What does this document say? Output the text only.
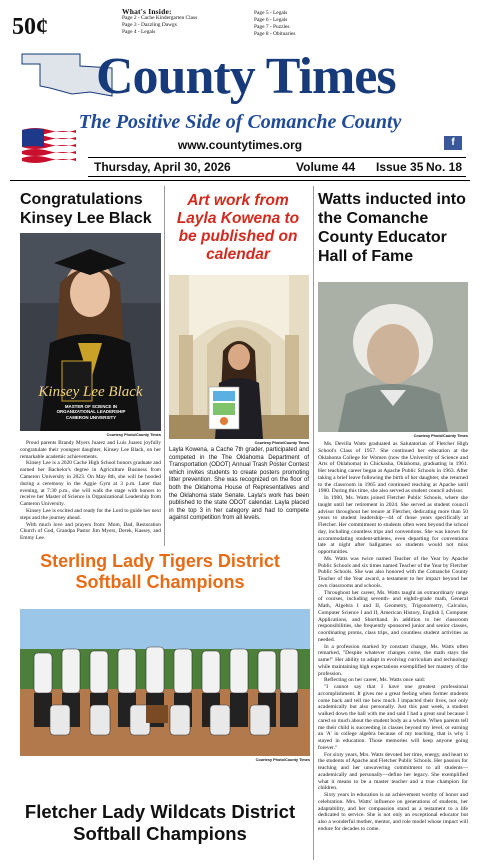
50¢
What's Inside:
Page 2 - Cache Kindergarten Class
Page 3 - Dazzling Dawgs
Page 4 - Legals
Page 5 - Legals
Page 6 - Legals
Page 7 - Puzzles
Page 8 - Obituaries
County Times
The Positive Side of Comanche County
www.countytimes.org	f
Thursday, April 30, 2026	Volume 44 Issue 35 No. 18
Congratulations Kinsey Lee Black
Kinsey Lee Black
MASTER OF SCIENCE IN ORGANIZATIONAL LEADERSHIP CAMERON UNIVERSITY
Courtesy Photo/County Times

Proud parents Brandy Myers Juarez and Luis Juarez joyfully congratulate their youngest daughter, Kinsey Lee Black, on her remarkable academic achievements.

Kinsey Lee is a 2020 Cache High School honors graduate and earned her Bachelor's degree in Agriculture Business from Cameron University in 2023. On May 8th, she will be hooded during a ceremony in the Aggie Gym at 3 p.m. Later that evening, at 7:30 p.m., she will walk the stage with honors to receive her Master of Science in Organizational Leadership from Cameron University.

Kinsey Lee is excited and ready for the Lord to guide her next steps and the journey ahead.

With much love and prayers from: Mom, Dad, Restoration Church of God, Grandpa Pastor Jim Myers, Derek, Kassey, and Emmy Lee.

Art work from Layla Kowena to be published on calendar
Courtesy Photo/County Times
Layla Kowena, a Cache 7th grader, participated and competed in the The Oklahoma Department of Transportation (ODOT) Annual Trash Poster Contest which invites students to create posters promoting litter prevention. She was recognized on the floor of both the Oklahoma House of Representatives and the Oklahoma state Senate. Layla's work has been published to the state ODOT calendar. Layla placed in the top 3 in her category and had to compete against competition from all levels.
Sterling Lady Tigers District Softball Champions
Courtesy Photo/County Times
Fletcher Lady Wildcats District Softball Champions
Watts inducted into the Comanche County Educator Hall of Fame
Courtesy Photo/County Times

Ms. Devilla Watts graduated as Salutatorian of Fletcher High School's Class of 1957. She continued her education at the Oklahoma College for Women (now the University of Science and Arts of Oklahoma) in Chickasha, Oklahoma, graduating in 1961. Her teaching career began at Apache Public Schools in 1963. After taking a brief leave following the birth of her daughter, she returned to the classroom in 1965 and continued teaching at Apache until 1980. During this time, she also served as student council advisor.

In 1980, Ms. Watts joined Fletcher Public Schools, where she taught until her retirement in 2024. She served as student council advisor throughout her tenure at Fletcher, dedicating more than 50 years to student leadership—44 of those years specifically at Fletcher. Her commitment to students often went beyond the school day, including countless trips and conventions. She was known for accommodating student-athletes, even departing for conventions late at night after ballgames so students would not miss opportunities.

Ms. Watts was twice named Teacher of the Year by Apache Public Schools and six times named Teacher of the Year by Fletcher Public Schools. She was also honored with the Comanche County Teacher of the Year award, a testament to her impact beyond her own classrooms and schools.

Throughout her career, Ms. Watts taught an extraordinary range of courses, including seventh- and eighth-grade math, General Math, Algebra I and II, Geometry, Trigonometry, Calculus, Computer Science I and II, American History, English I, Computer Applications, and Shorthand. In addition to her classroom responsibilities, she frequently sponsored junior and senior classes, coordinating proms, class trips, and countless student activities as needed.

In a profession marked by constant change, Ms. Watts often remarked, "Despite whatever changes come, the math stays the same!" Her ability to adapt in evolving curriculum and technology while maintaining high expectations exemplified her mastery of the profession.

Reflecting on her career, Ms. Watts once said:

"I cannot say that I have one greatest professional accomplishment. It gives me a great feeling when former students come back and tell me how much I impacted their lives, not only academically but also personally. Just this past week, a student walked down the hall with me and said I had a great soul because I cared so much about the student body as a whole. When parents tell me their child is succeeding in classes beyond my level, or earning an 'A' in college algebra because of my teaching, that is why I stayed in education. Those memories will keep anyone going forever."

For sixty years, Mrs. Watts devoted her time, energy, and heart to the students of Apache and Fletcher Public Schools. Her passion for teaching and her unwavering commitment to all students—academically and personally—define her legacy. She exemplified what it means to be a master teacher and a true champion for children.

Sixty years in education is an achievement worthy of honor and celebration. Mrs. Watts' influence on generations of students, her adaptability, and her compassion stand as a testament to a life dedicated to service. She is not only an exceptional educator but also a wonderful mother, mentor, and role model whose impact will endure for decades to come.
